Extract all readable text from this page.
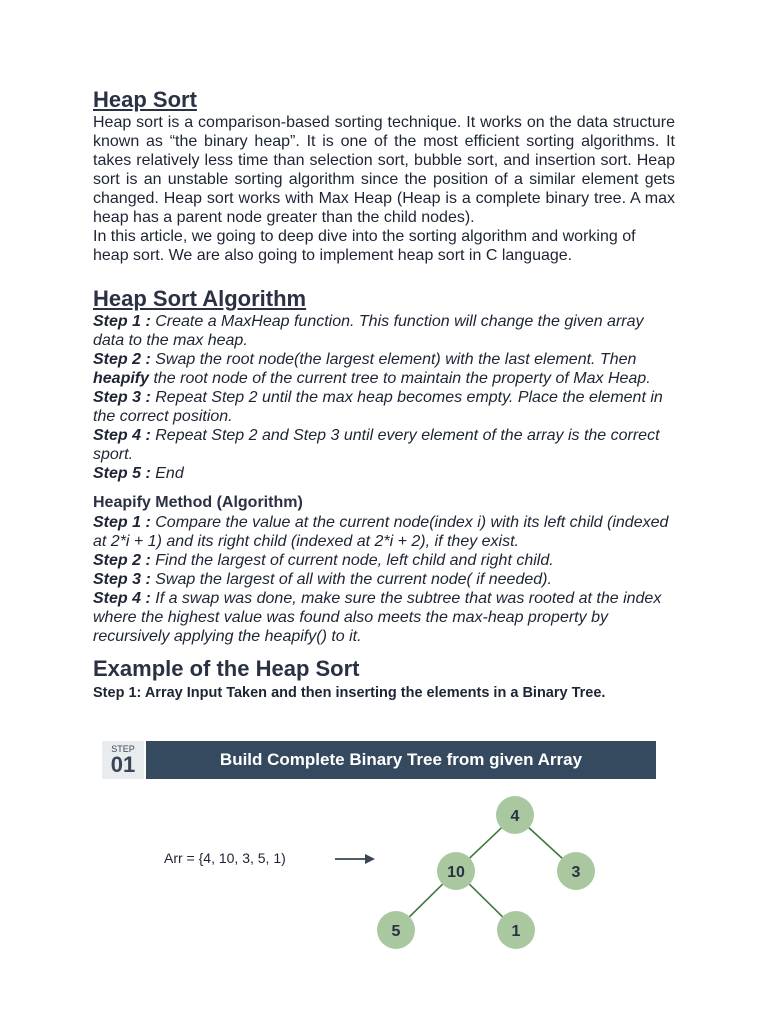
Heap Sort

Heap sort is a comparison-based sorting technique. It works on the data structure known as “the binary heap”. It is one of the most efficient sorting algorithms. It takes relatively less time than selection sort, bubble sort, and insertion sort. Heap sort is an unstable sorting algorithm since the position of a similar element gets changed. Heap sort works with Max Heap (Heap is a complete binary tree. A max heap has a parent node greater than the child nodes).

In this article, we going to deep dive into the sorting algorithm and working of heap sort. We are also going to implement heap sort in C language.

Heap Sort Algorithm
Step 1 : Create a MaxHeap function. This function will change the given array data to the max heap.
Step 2 : Swap the root node(the largest element) with the last element. Then heapify the root node of the current tree to maintain the property of Max Heap.
Step 3 : Repeat Step 2 until the max heap becomes empty. Place the element in the correct position.
Step 4 : Repeat Step 2 and Step 3 until every element of the array is the correct sport.
Step 5 : End
Heapify Method (Algorithm)
Step 1 : Compare the value at the current node(index i) with its left child (indexed at 2*i + 1) and its right child (indexed at 2*i + 2), if they exist.
Step 2 : Find the largest of current node, left child and right child.
Step 3 : Swap the largest of all with the current node( if needed).
Step 4 : If a swap was done, make sure the subtree that was rooted at the index where the highest value was found also meets the max-heap property by recursively applying the heapify() to it.
Example of the Heap Sort
Step 1: Array Input Taken and then inserting the elements in a Binary Tree.
STEP
01	Build Complete Binary Tree from given Array
Arr = {4, 10, 3, 5, 1)
4
10	3
5	1
